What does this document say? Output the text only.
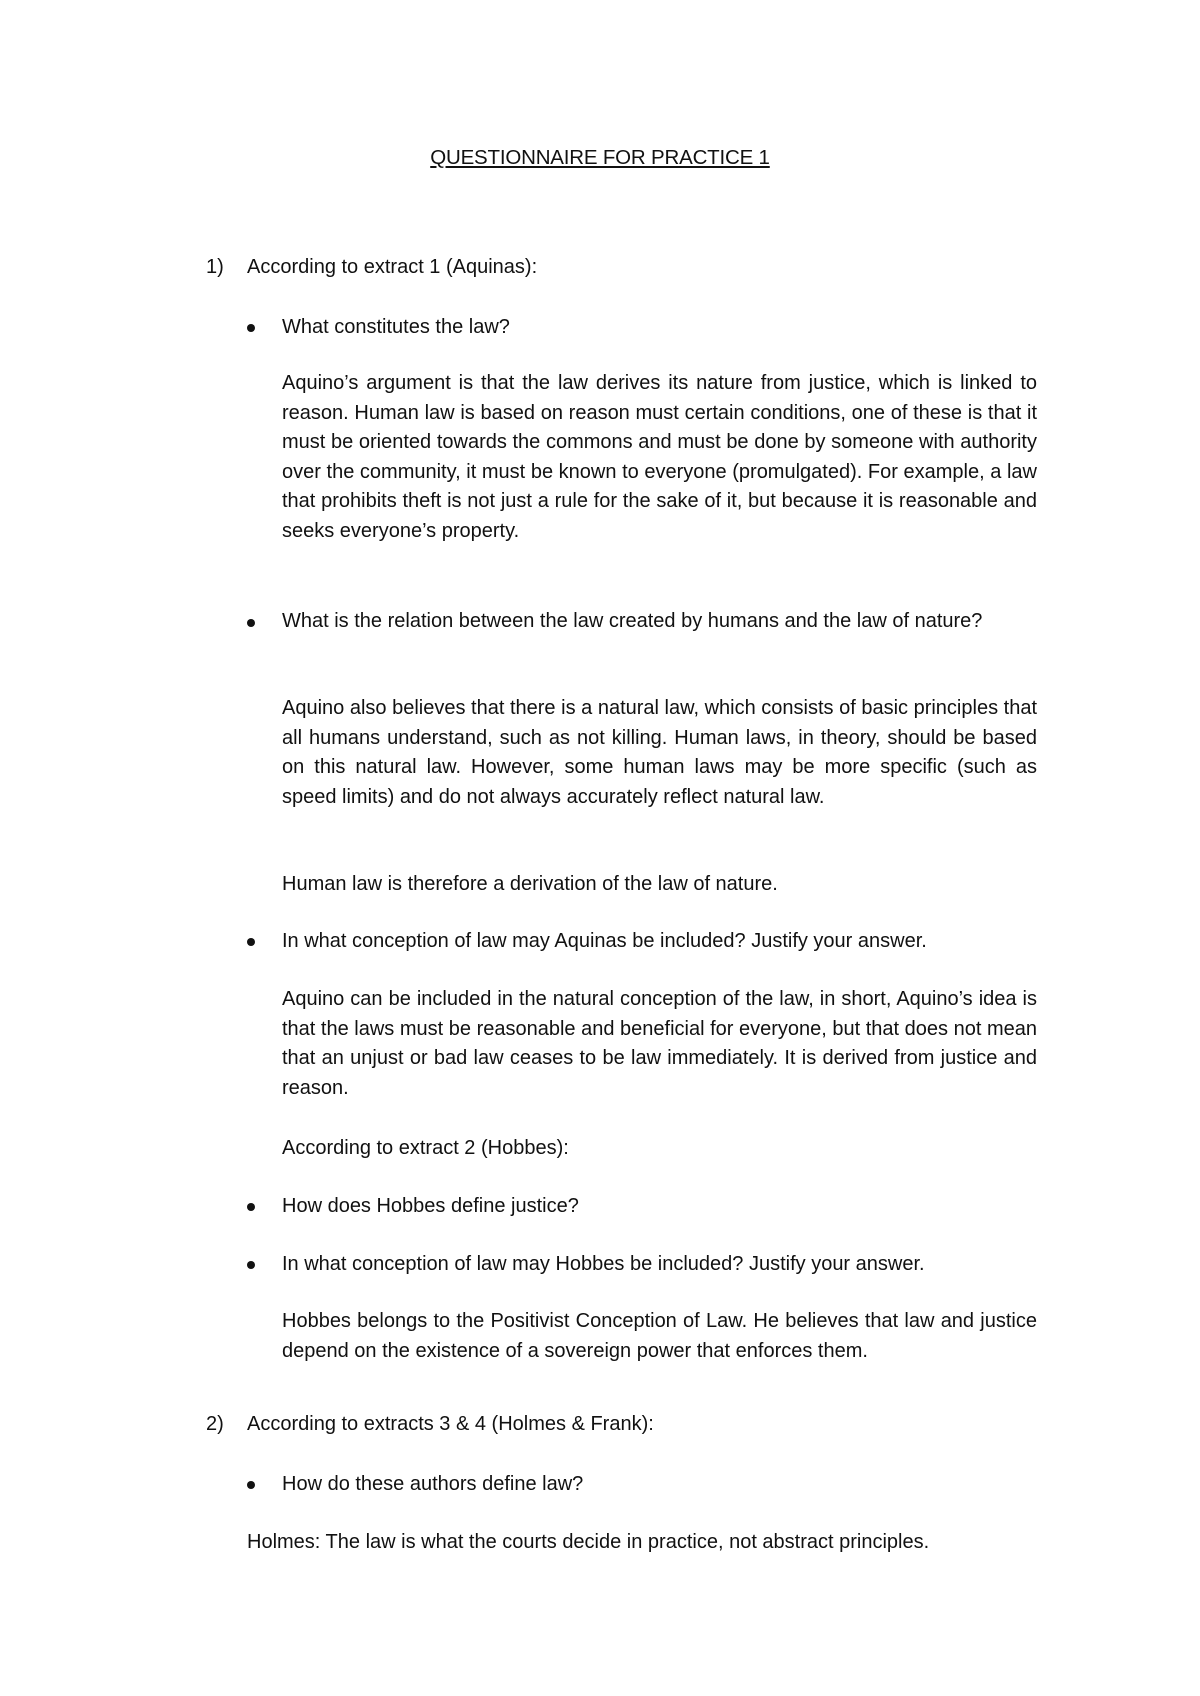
QUESTIONNAIRE FOR PRACTICE 1
1) According to extract 1 (Aquinas):
What constitutes the law?
Aquino’s argument is that the law derives its nature from justice, which is linked to reason. Human law is based on reason must certain conditions, one of these is that it must be oriented towards the commons and must be done by someone with authority over the community, it must be known to everyone (promulgated). For example, a law that prohibits theft is not just a rule for the sake of it, but because it is reasonable and seeks everyone’s property.
What is the relation between the law created by humans and the law of nature?
Aquino also believes that there is a natural law, which consists of basic principles that all humans understand, such as not killing. Human laws, in theory, should be based on this natural law. However, some human laws may be more specific (such as speed limits) and do not always accurately reflect natural law.
Human law is therefore a derivation of the law of nature.
In what conception of law may Aquinas be included? Justify your answer.
Aquino can be included in the natural conception of the law, in short, Aquino’s idea is that the laws must be reasonable and beneficial for everyone, but that does not mean that an unjust or bad law ceases to be law immediately. It is derived from justice and reason.
According to extract 2 (Hobbes):
How does Hobbes define justice?
In what conception of law may Hobbes be included? Justify your answer.
Hobbes belongs to the Positivist Conception of Law. He believes that law and justice depend on the existence of a sovereign power that enforces them.
2) According to extracts 3 & 4 (Holmes & Frank):
How do these authors define law?
Holmes: The law is what the courts decide in practice, not abstract principles.
